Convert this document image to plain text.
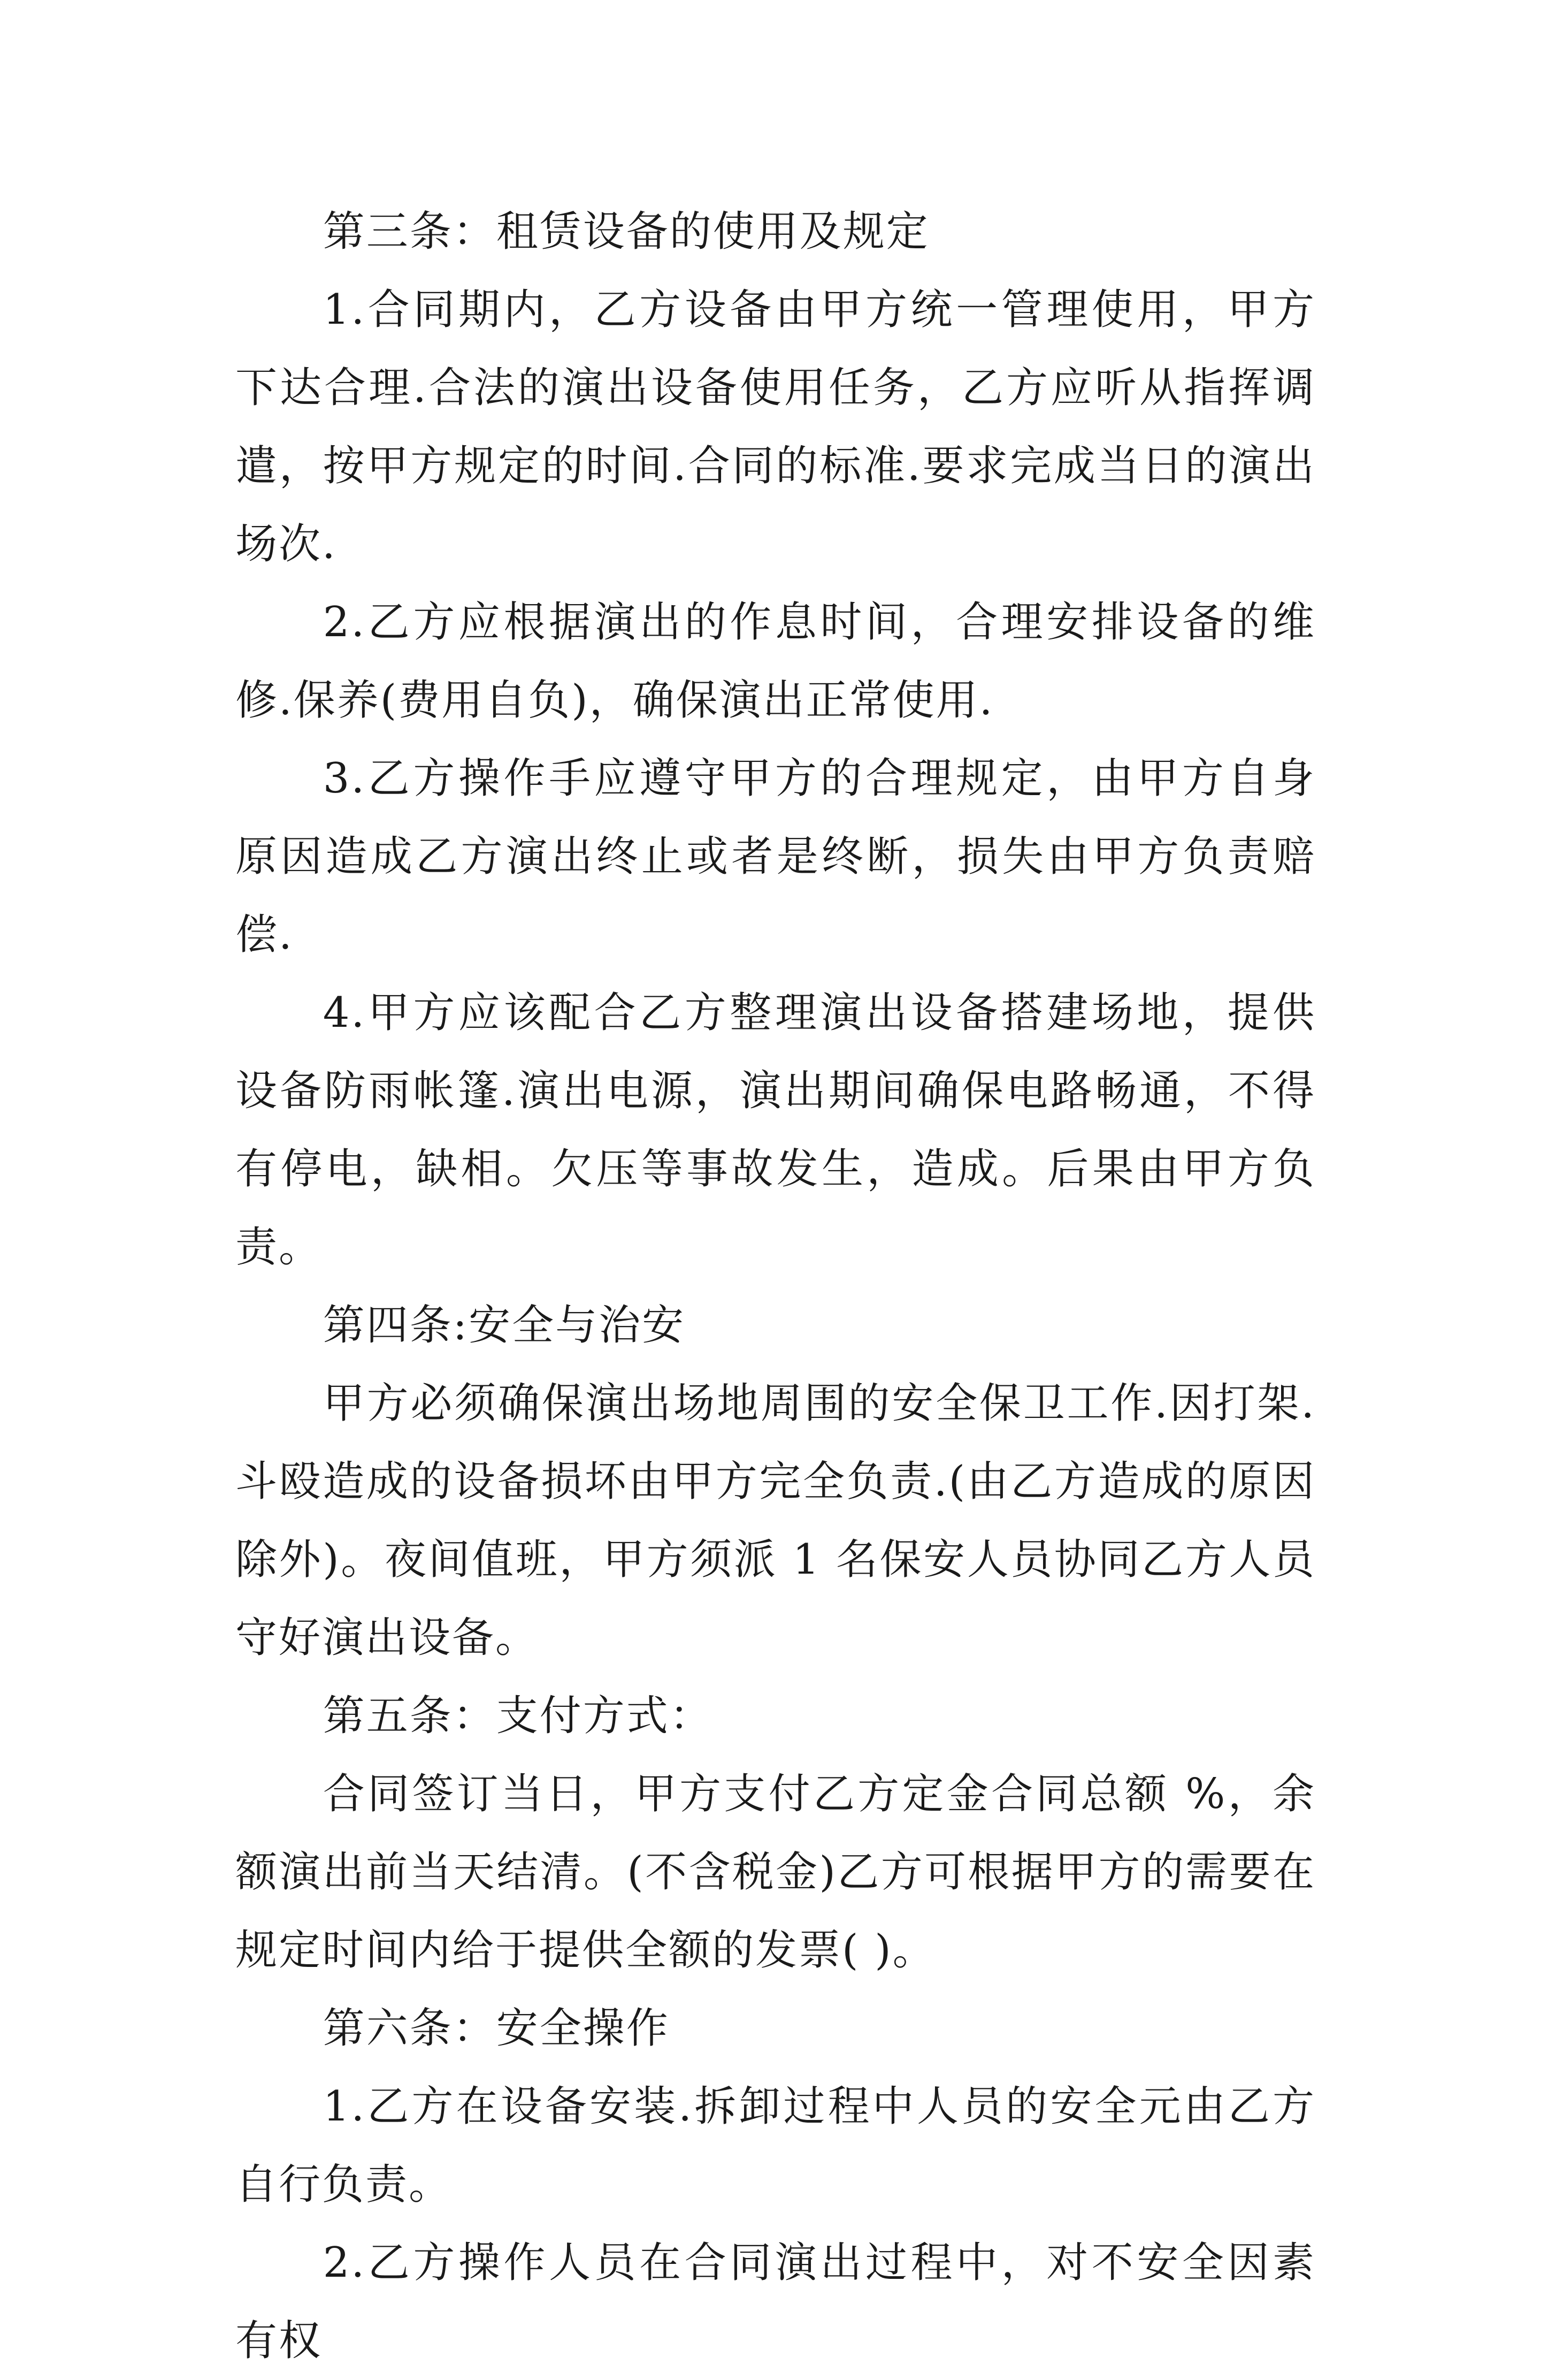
第三条：租赁设备的使用及规定

1.合同期内，乙方设备由甲方统一管理使用，甲方下达合理.合法的演出设备使用任务，乙方应听从指挥调遣，按甲方规定的时间.合同的标准.要求完成当日的演出场次.

2.乙方应根据演出的作息时间，合理安排设备的维修.保养(费用自负)，确保演出正常使用.

3.乙方操作手应遵守甲方的合理规定，由甲方自身原因造成乙方演出终止或者是终断，损失由甲方负责赔偿.

4.甲方应该配合乙方整理演出设备搭建场地，提供设备防雨帐篷.演出电源，演出期间确保电路畅通，不得有停电，缺相。欠压等事故发生，造成。后果由甲方负责。

第四条:安全与治安

甲方必须确保演出场地周围的安全保卫工作.因打架.斗殴造成的设备损坏由甲方完全负责.(由乙方造成的原因除外)。夜间值班，甲方须派 1 名保安人员协同乙方人员守好演出设备。

第五条：支付方式：

合同签订当日，甲方支付乙方定金合同总额 %，余额演出前当天结清。(不含税金)乙方可根据甲方的需要在规定时间内给于提供全额的发票( )。

第六条：安全操作

1.乙方在设备安装.拆卸过程中人员的安全元由乙方自行负责。

2.乙方操作人员在合同演出过程中，对不安全因素有权
